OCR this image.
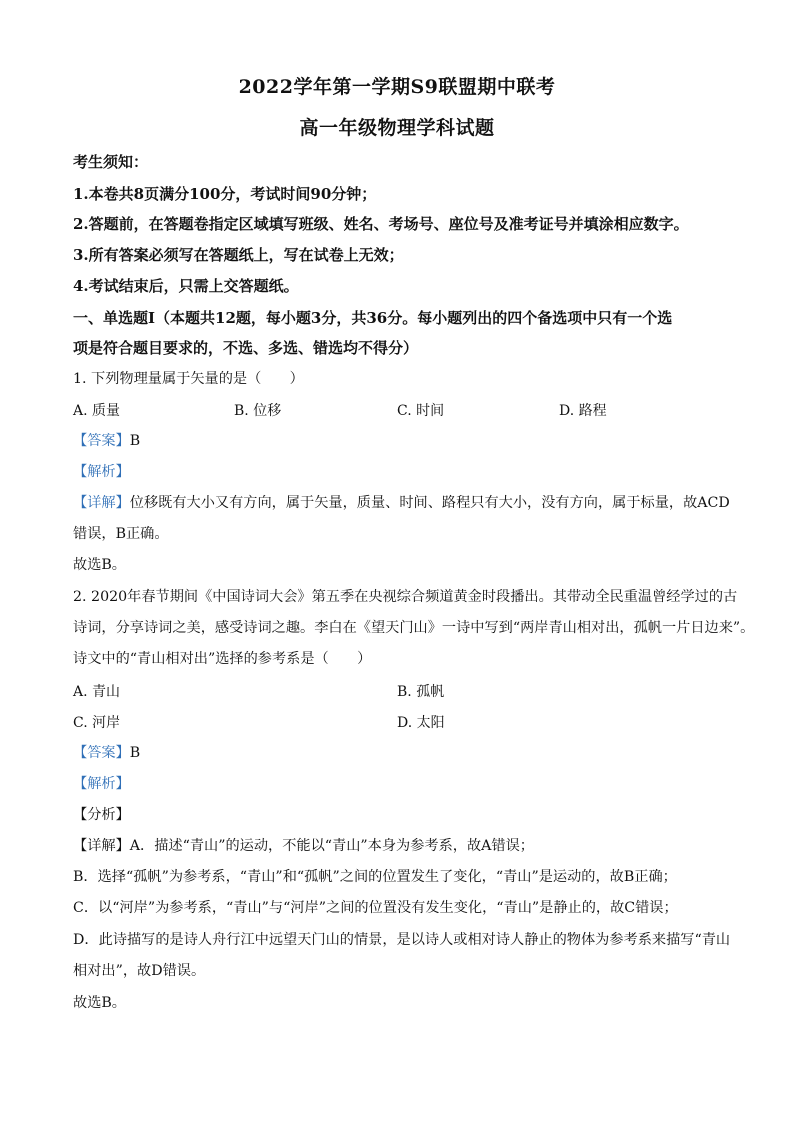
2022学年第一学期S9联盟期中联考
高一年级物理学科试题
考生须知：
1.本卷共8页满分100分，考试时间90分钟；
2.答题前，在答题卷指定区域填写班级、姓名、考场号、座位号及准考证号并填涂相应数字。
3.所有答案必须写在答题纸上，写在试卷上无效；
4.考试结束后，只需上交答题纸。
一、单选题I（本题共12题，每小题3分，共36分。每小题列出的四个备选项中只有一个选
项是符合题目要求的，不选、多选、错选均不得分）
1. 下列物理量属于矢量的是（　　）
A. 质量	B. 位移	C. 时间	D. 路程
【答案】B
【解析】
【详解】位移既有大小又有方向，属于矢量，质量、时间、路程只有大小，没有方向，属于标量，故ACD
错误，B正确。
故选B。
2. 2020年春节期间《中国诗词大会》第五季在央视综合频道黄金时段播出。其带动全民重温曾经学过的古
诗词，分享诗词之美，感受诗词之趣。李白在《望天门山》一诗中写到“两岸青山相对出，孤帆一片日边来”。
诗文中的“青山相对出”选择的参考系是（　　）
A. 青山	B. 孤帆
C. 河岸	D. 太阳
【答案】B
【解析】
【分析】
【详解】A．描述“青山”的运动，不能以“青山”本身为参考系，故A错误；
B．选择“孤帆”为参考系，“青山”和“孤帆”之间的位置发生了变化，“青山”是运动的，故B正确；
C．以“河岸”为参考系，“青山”与“河岸”之间的位置没有发生变化，“青山”是静止的，故C错误；
D．此诗描写的是诗人舟行江中远望天门山的情景，是以诗人或相对诗人静止的物体为参考系来描写“青山
相对出”，故D错误。
故选B。
